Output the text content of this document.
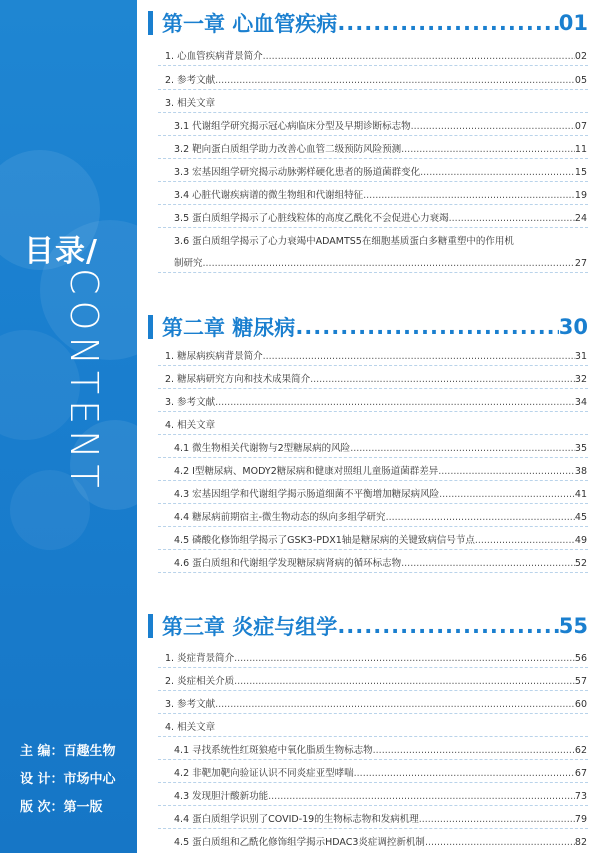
目录/
CONTENT
主 编：百趣生物
设 计：市场中心
版 次：第一版
第一章 心血管疾病 .....	01
1. 心血管疾病背景简介 .....	02
2. 参考文献 .....	05
3. 相关文章
3.1 代谢组学研究揭示冠心病临床分型及早期诊断标志物 .....	07
3.2 靶向蛋白质组学助力改善心血管二级预防风险预测 .....	11
3.3 宏基因组学研究揭示动脉粥样硬化患者的肠道菌群变化 .....	15
3.4 心脏代谢疾病谱的微生物组和代谢组特征 .....	19
3.5 蛋白质组学揭示了心脏线粒体的高度乙酰化不会促进心力衰竭 .....	24
3.6 蛋白质组学揭示了心力衰竭中ADAMTS5在细胞基质蛋白多糖重塑中的作用机
制研究 .....	27
第二章 糖尿病 .....	30
1. 糖尿病疾病背景简介 .....	31
2. 糖尿病研究方向和技术成果简介 .....	32
3. 参考文献 .....	34
4. 相关文章
4.1 微生物相关代谢物与2型糖尿病的风险 .....	35
4.2 I型糖尿病、MODY2糖尿病和健康对照组儿童肠道菌群差异 .....	38
4.3 宏基因组学和代谢组学揭示肠道细菌不平衡增加糖尿病风险 .....	41
4.4 糖尿病前期宿主-微生物动态的纵向多组学研究 .....	45
4.5 磷酸化修饰组学揭示了GSK3-PDX1轴是糖尿病的关键致病信号节点 .....	49
4.6 蛋白质组和代谢组学发现糖尿病肾病的循环标志物 .....	52
第三章 炎症与组学 .....	55
1. 炎症背景简介 .....	56
2. 炎症相关介质 .....	57
3. 参考文献 .....	60
4. 相关文章
4.1 寻找系统性红斑狼疮中氧化脂质生物标志物 .....	62
4.2 非靶加靶向验证认识不同炎症亚型哮喘 .....	67
4.3 发现胆汁酸新功能 .....	73
4.4 蛋白质组学识别了COVID-19的生物标志物和发病机理 .....	79
4.5 蛋白质组和乙酰化修饰组学揭示HDAC3炎症调控新机制 .....	82
